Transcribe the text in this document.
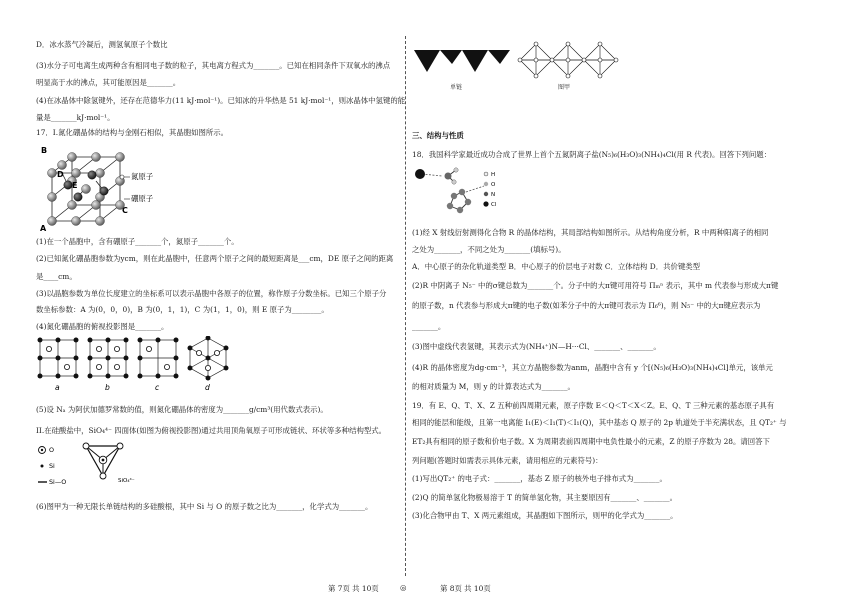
D．冰水蒸气冷凝后，测氢氧原子个数比
(3)水分子可电离生成两种含有相同电子数的粒子，其电离方程式为_______。已知在相同条件下双氧水的沸点
明显高于水的沸点，其可能原因是_______。
(4)在冰晶体中除氢键外，还存在范德华力(11 kJ·mol⁻¹)。已知冰的升华热是 51 kJ·mol⁻¹，则冰晶体中氢键的能
量是_______kJ·mol⁻¹。
17．I.氮化硼晶体的结构与金刚石相似，其晶胞如图所示。
B
D
E
C
A
氮原子
硼原子
(1)在一个晶胞中，含有硼原子_______个，氮原子_______个。
(2)已知氮化硼晶胞参数为ycm，则在此晶胞中，任意两个原子之间的最短距离是___cm，DE 原子之间的距离
是____cm。
(3)以晶胞参数为单位长度建立的坐标系可以表示晶胞中各原子的位置，称作原子分数坐标。已知三个原子分
数坐标参数：A 为(0，0，0)，B 为(0，1，1)，C 为(1，1，0)，则 E 原子为________。
(4)氮化硼晶胞的俯视投影图是_______。
a	b	c	d
(5)设 Nₐ 为阿伏加德罗常数的值，则氮化硼晶体的密度为_______g/cm³(用代数式表示)。
II.在硅酸盐中，SiO₄⁴⁻ 四面体(如图为俯视投影图)通过共用顶角氧原子可形成链状、环状等多种结构型式。
O
Si
Si—O	SiO₄⁴⁻
(6)图甲为一种无限长单链结构的多硅酸根，其中 Si 与 O 的原子数之比为_______，化学式为_______。
单链	图甲
三、结构与性质
18．我国科学家最近成功合成了世界上首个五氮阴离子盐(N₅)₆(H₃O)₃(NH₄)₄Cl(用 R 代表)。回答下列问题：
H
O
N
Cl
(1)经 X 射线衍射测得化合物 R 的晶体结构，其局部结构如图所示。从结构角度分析，R 中两种阳离子的相同
之处为_______，不同之处为_______(填标号)。
A．中心原子的杂化轨道类型 B．中心原子的价层电子对数 C．立体结构 D．共价键类型
(2)R 中阴离子 N₅⁻ 中的σ键总数为_______个。分子中的大π键可用符号 Πₘⁿ 表示，其中 m 代表参与形成大π键
的原子数，n 代表参与形成大π键的电子数(如苯分子中的大π键可表示为 Π₆⁶)，则 N₅⁻ 中的大π键应表示为
_______。
(3)图中虚线代表氢键，其表示式为(NH₄⁺)N—H···Cl、_______、_______。
(4)R 的晶体密度为dg·cm⁻³，其立方晶胞参数为anm，晶胞中含有 y 个[(N₅)₆(H₃O)₃(NH₄)₄Cl]单元，该单元
的相对质量为 M，则 y 的计算表达式为_______。
19．有 E、Q、T、X、Z 五种前四周期元素，原子序数 E＜Q＜T＜X＜Z。E、Q、T 三种元素的基态原子具有
相同的能层和能级，且第一电离能 I₁(E)＜I₁(T)＜I₁(Q)，其中基态 Q 原子的 2p 轨道处于半充满状态，且 QT₂⁺ 与
ET₂具有相同的原子数和价电子数。X 为周期表前四周期中电负性最小的元素，Z 的原子序数为 28。请回答下
列问题(答题时如需表示具体元素，请用相应的元素符号)：
(1)写出QT₂⁺ 的电子式：_______，基态 Z 原子的核外电子排布式为_______。
(2)Q 的简单氢化物极易溶于 T 的简单氢化物，其主要原因有_______、_______。
(3)化合物甲由 T、X 两元素组成，其晶胞如下图所示，则甲的化学式为_______。
第 7页 共 10页	◎	第 8页 共 10页
